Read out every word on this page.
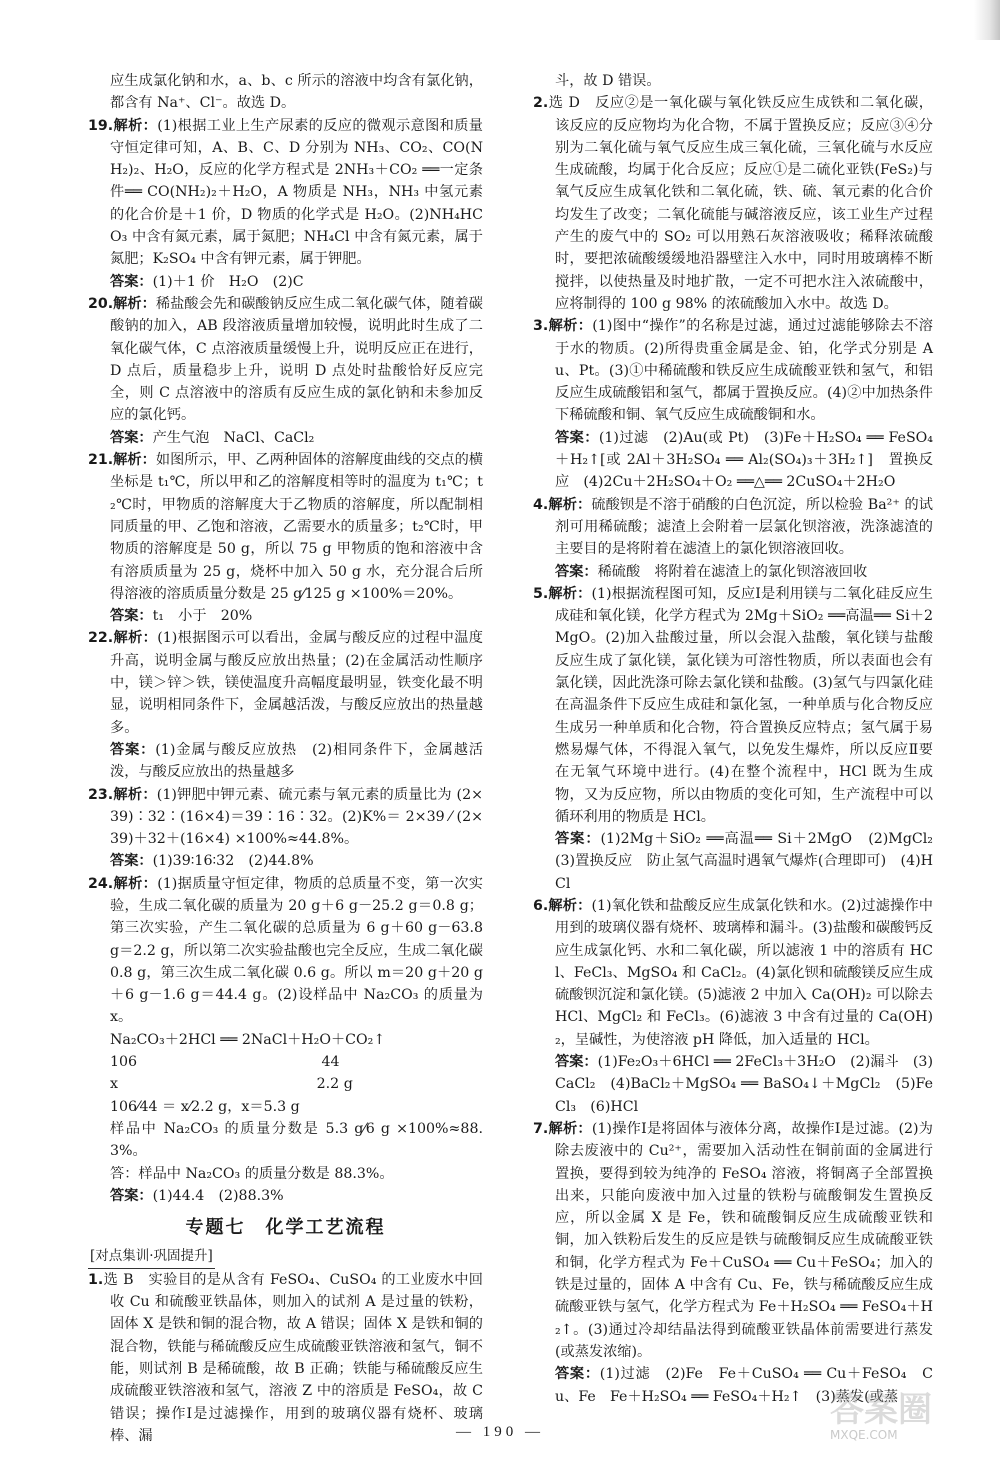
应生成氯化钠和水，a、b、c 所示的溶液中均含有氯化钠，都含有 Na⁺、Cl⁻。故选 D。

19.解析：(1)根据工业上生产尿素的反应的微观示意图和质量守恒定律可知，A、B、C、D 分别为 NH₃、CO₂、CO(NH₂)₂、H₂O，反应的化学方程式是 2NH₃＋CO₂ ══一定条件══ CO(NH₂)₂＋H₂O，A 物质是 NH₃，NH₃ 中氢元素的化合价是＋1 价，D 物质的化学式是 H₂O。(2)NH₄HCO₃ 中含有氮元素，属于氮肥；NH₄Cl 中含有氮元素，属于氮肥；K₂SO₄ 中含有钾元素，属于钾肥。

答案：(1)＋1 价　H₂O　(2)C

20.解析：稀盐酸会先和碳酸钠反应生成二氧化碳气体，随着碳酸钠的加入，AB 段溶液质量增加较慢，说明此时生成了二氧化碳气体，C 点溶液质量缓慢上升，说明反应正在进行，D 点后，质量稳步上升，说明 D 点处时盐酸恰好反应完全，则 C 点溶液中的溶质有反应生成的氯化钠和未参加反应的氯化钙。

答案：产生气泡　NaCl、CaCl₂

21.解析：如图所示，甲、乙两种固体的溶解度曲线的交点的横坐标是 t₁℃，所以甲和乙的溶解度相等时的温度为 t₁℃；t₂℃时，甲物质的溶解度大于乙物质的溶解度，所以配制相同质量的甲、乙饱和溶液，乙需要水的质量多；t₂℃时，甲物质的溶解度是 50 g，所以 75 g 甲物质的饱和溶液中含有溶质质量为 25 g，烧杯中加入 50 g 水，充分混合后所得溶液的溶质质量分数是 25 g⁄125 g ×100%＝20%。

答案：t₁　小于　20%

22.解析：(1)根据图示可以看出，金属与酸反应的过程中温度升高，说明金属与酸反应放出热量；(2)在金属活动性顺序中，镁＞锌＞铁，镁使温度升高幅度最明显，铁变化最不明显，说明相同条件下，金属越活泼，与酸反应放出的热量越多。

答案：(1)金属与酸反应放热　(2)相同条件下，金属越活泼，与酸反应放出的热量越多

23.解析：(1)钾肥中钾元素、硫元素与氧元素的质量比为 (2×39)∶32∶(16×4)＝39∶16∶32。(2)K%＝ 2×39 ⁄ (2×39)＋32＋(16×4) ×100%≈44.8%。

答案：(1)39∶16∶32　(2)44.8%

24.解析：(1)据质量守恒定律，物质的总质量不变，第一次实验，生成二氧化碳的质量为 20 g＋6 g－25.2 g＝0.8 g；第三次实验，产生二氧化碳的总质量为 6 g＋60 g－63.8 g＝2.2 g，所以第二次实验盐酸也完全反应，生成二氧化碳 0.8 g，第三次生成二氧化碳 0.6 g。所以 m＝20 g＋20 g＋6 g－1.6 g＝44.4 g。(2)设样品中 Na₂CO₃ 的质量为 x。

Na₂CO₃＋2HCl ══ 2NaCl＋H₂O＋CO₂↑

106　　　　　　　　　　　　　44

x　　　　　　　　　　　　　　2.2 g

106⁄44 ＝ x⁄2.2 g，x＝5.3 g

样品中 Na₂CO₃ 的质量分数是 5.3 g⁄6 g ×100%≈88.3%。

答：样品中 Na₂CO₃ 的质量分数是 88.3%。

答案：(1)44.4　(2)88.3%

专题七　化学工艺流程
[对点集训·巩固提升]

1.选 B　实验目的是从含有 FeSO₄、CuSO₄ 的工业废水中回收 Cu 和硫酸亚铁晶体，则加入的试剂 A 是过量的铁粉，固体 X 是铁和铜的混合物，故 A 错误；固体 X 是铁和铜的混合物，铁能与稀硫酸反应生成硫酸亚铁溶液和氢气，铜不能，则试剂 B 是稀硫酸，故 B 正确；铁能与稀硫酸反应生成硫酸亚铁溶液和氢气，溶液 Z 中的溶质是 FeSO₄，故 C 错误；操作Ⅰ是过滤操作，用到的玻璃仪器有烧杯、玻璃棒、漏

斗，故 D 错误。

2.选 D　反应②是一氧化碳与氧化铁反应生成铁和二氧化碳，该反应的反应物均为化合物，不属于置换反应；反应③④分别为二氧化硫与氧气反应生成三氧化硫，三氧化硫与水反应生成硫酸，均属于化合反应；反应①是二硫化亚铁(FeS₂)与氧气反应生成氧化铁和二氧化硫，铁、硫、氧元素的化合价均发生了改变；二氧化硫能与碱溶液反应，该工业生产过程产生的废气中的 SO₂ 可以用熟石灰溶液吸收；稀释浓硫酸时，要把浓硫酸缓缓地沿器壁注入水中，同时用玻璃棒不断搅拌，以使热量及时地扩散，一定不可把水注入浓硫酸中，应将制得的 100 g 98% 的浓硫酸加入水中。故选 D。

3.解析：(1)图中“操作”的名称是过滤，通过过滤能够除去不溶于水的物质。(2)所得贵重金属是金、铂，化学式分别是 Au、Pt。(3)①中稀硫酸和铁反应生成硫酸亚铁和氢气，和铝反应生成硫酸铝和氢气，都属于置换反应。(4)②中加热条件下稀硫酸和铜、氧气反应生成硫酸铜和水。

答案：(1)过滤　(2)Au(或 Pt)　(3)Fe＋H₂SO₄ ══ FeSO₄＋H₂↑[或 2Al＋3H₂SO₄ ══ Al₂(SO₄)₃＋3H₂↑]　置换反应　(4)2Cu＋2H₂SO₄＋O₂ ══△══ 2CuSO₄＋2H₂O

4.解析：硫酸钡是不溶于硝酸的白色沉淀，所以检验 Ba²⁺ 的试剂可用稀硫酸；滤渣上会附着一层氯化钡溶液，洗涤滤渣的主要目的是将附着在滤渣上的氯化钡溶液回收。

答案：稀硫酸　将附着在滤渣上的氯化钡溶液回收

5.解析：(1)根据流程图可知，反应Ⅰ是利用镁与二氧化硅反应生成硅和氧化镁，化学方程式为 2Mg＋SiO₂ ══高温══ Si＋2MgO。(2)加入盐酸过量，所以会混入盐酸，氧化镁与盐酸反应生成了氯化镁，氯化镁为可溶性物质，所以表面也会有氯化镁，因此洗涤可除去氯化镁和盐酸。(3)氢气与四氯化硅在高温条件下反应生成硅和氯化氢，一种单质与化合物反应生成另一种单质和化合物，符合置换反应特点；氢气属于易燃易爆气体，不得混入氧气，以免发生爆炸，所以反应Ⅱ要在无氧气环境中进行。(4)在整个流程中，HCl 既为生成物，又为反应物，所以由物质的变化可知，生产流程中可以循环利用的物质是 HCl。

答案：(1)2Mg＋SiO₂ ══高温══ Si＋2MgO　(2)MgCl₂　(3)置换反应　防止氢气高温时遇氧气爆炸(合理即可)　(4)HCl

6.解析：(1)氧化铁和盐酸反应生成氯化铁和水。(2)过滤操作中用到的玻璃仪器有烧杯、玻璃棒和漏斗。(3)盐酸和碳酸钙反应生成氯化钙、水和二氧化碳，所以滤液 1 中的溶质有 HCl、FeCl₃、MgSO₄ 和 CaCl₂。(4)氯化钡和硫酸镁反应生成硫酸钡沉淀和氯化镁。(5)滤液 2 中加入 Ca(OH)₂ 可以除去 HCl、MgCl₂ 和 FeCl₃。(6)滤液 3 中含有过量的 Ca(OH)₂，呈碱性，为使溶液 pH 降低，加入适量的 HCl。

答案：(1)Fe₂O₃＋6HCl ══ 2FeCl₃＋3H₂O　(2)漏斗　(3)CaCl₂　(4)BaCl₂＋MgSO₄ ══ BaSO₄↓＋MgCl₂　(5)FeCl₃　(6)HCl

7.解析：(1)操作Ⅰ是将固体与液体分离，故操作Ⅰ是过滤。(2)为除去废液中的 Cu²⁺，需要加入活动性在铜前面的金属进行置换，要得到较为纯净的 FeSO₄ 溶液，将铜离子全部置换出来，只能向废液中加入过量的铁粉与硫酸铜发生置换反应，所以金属 X 是 Fe，铁和硫酸铜反应生成硫酸亚铁和铜，加入铁粉后发生的反应是铁与硫酸铜反应生成硫酸亚铁和铜，化学方程式为 Fe＋CuSO₄ ══ Cu＋FeSO₄；加入的铁是过量的，固体 A 中含有 Cu、Fe，铁与稀硫酸反应生成硫酸亚铁与氢气，化学方程式为 Fe＋H₂SO₄ ══ FeSO₄＋H₂↑。(3)通过冷却结晶法得到硫酸亚铁晶体前需要进行蒸发(或蒸发浓缩)。

答案：(1)过滤　(2)Fe　Fe＋CuSO₄ ══ Cu＋FeSO₄　Cu、Fe　Fe＋H₂SO₄ ══ FeSO₄＋H₂↑　(3)蒸发(或蒸

— 190 —
答案圈
MXQE.COM
